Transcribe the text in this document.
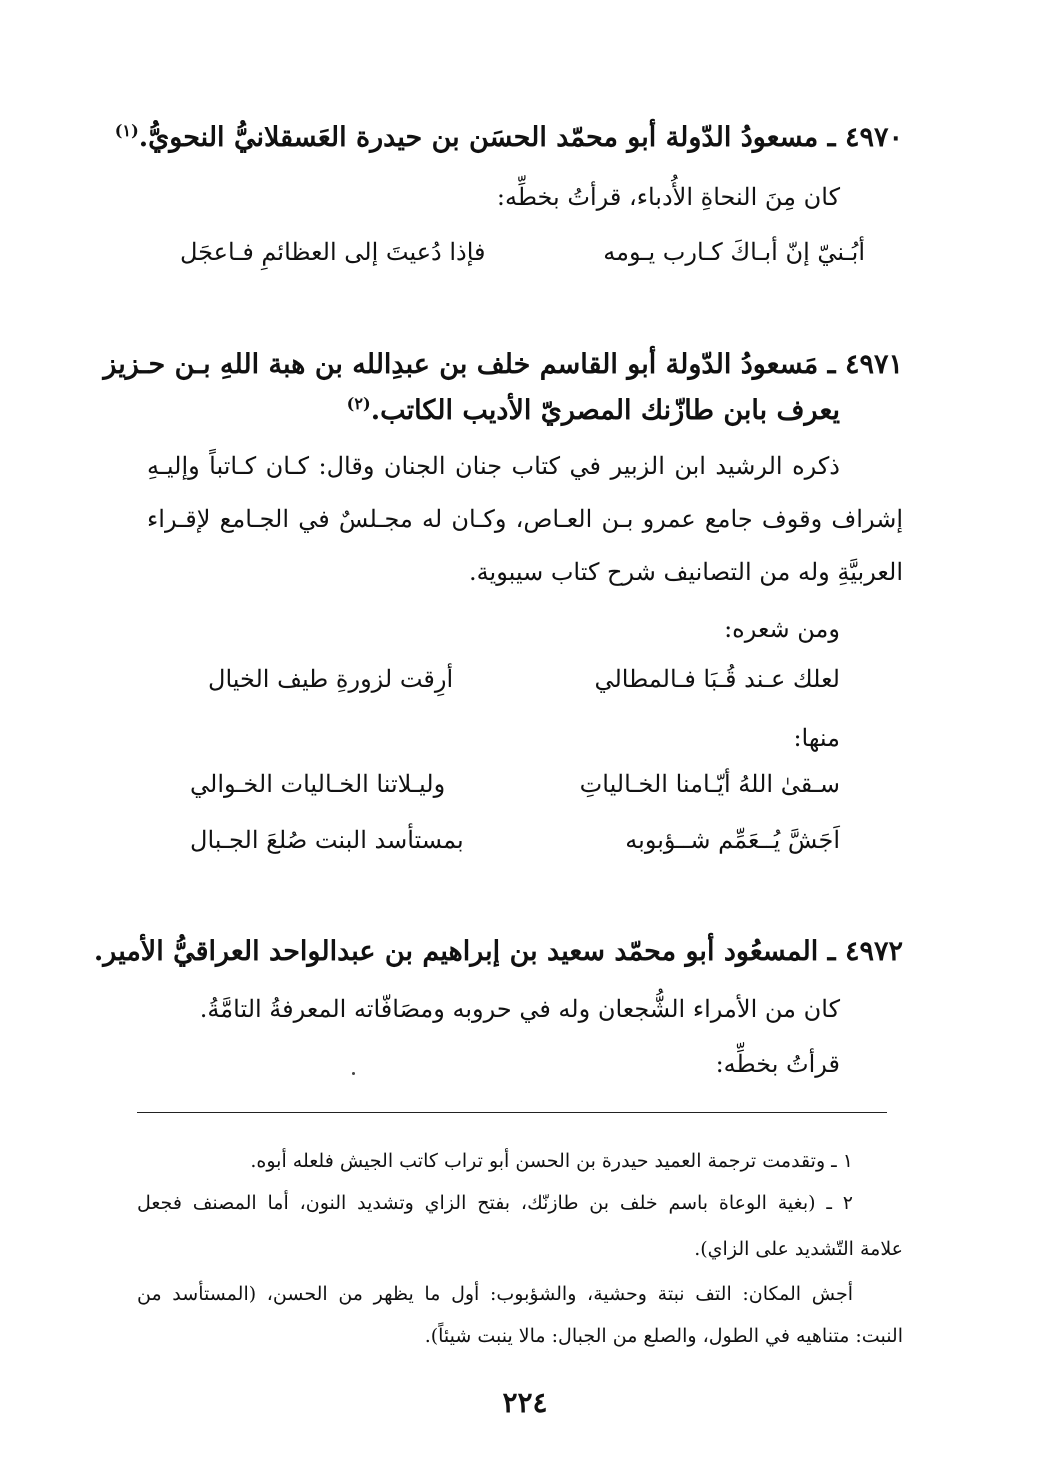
٤٩٧٠ ـ مسعودُ الدّولة أبو محمّد الحسَن بن حيدرة العَسقلانيُّ النحويُّ.$^{(١)}$
كان مِنَ النحاةِ الأُدباء، قرأتُ بخطِّه:
أبُـنيّ إنّ أبـاكَ كـارب يـومه
فإذا دُعيتَ إلى العظائمِ فـاعجَل
٤٩٧١ ـ مَسعودُ الدّولة أبو القاسم خلف بن عبدِالله بن هبة اللهِ بـن حـزيز
يعرف بابن طازّنك المصريّ الأديب الكاتب.$^{(٢)}$
ذكره الرشيد ابن الزبير في كتاب جنان الجنان وقال: كـان كـاتباً وإليـهِ
إشراف وقوف جامع عمرو بـن العـاص، وكـان له مجـلسٌ في الجـامع لإقـراء
العربيَّةِ وله من التصانيف شرح كتاب سيبوية.
ومن شعره:
لعلك عـند قُـبَا فـالمطالي
أرِقت لزورةِ طيف الخيال
منها:
سـقىٰ اللهُ أيّـامنا الخـالياتِ
وليـلاتنا الخـاليات الخـوالي
اَجَشَّ يُــعَمِّم شــؤبوبه
بمستأسد البنت صُلعَ الجـبال
٤٩٧٢ ـ المسعُود أبو محمّد سعيد بن إبراهيم بن عبدالواحد العراقيُّ الأمير.
كان من الأمراء الشُّجعان وله في حروبه ومصَافّاته المعرفةُ التامَّةُ.
قرأتُ بخطِّه:
١ ـ وتقدمت ترجمة العميد حيدرة بن الحسن أبو تراب كاتب الجيش فلعله أبوه.
٢ ـ (بغية الوعاة باسم خلف بن طازنّك، بفتح الزاي وتشديد النون، أما المصنف فجعل
علامة التّشديد على الزاي).
أجش المكان: التف نبتة وحشية، والشؤبوب: أول ما يظهر من الحسن، (المستأسد من
النبت: متناهيه في الطول، والصلع من الجبال: مالا ينبت شيئاً).
٢٢٤
